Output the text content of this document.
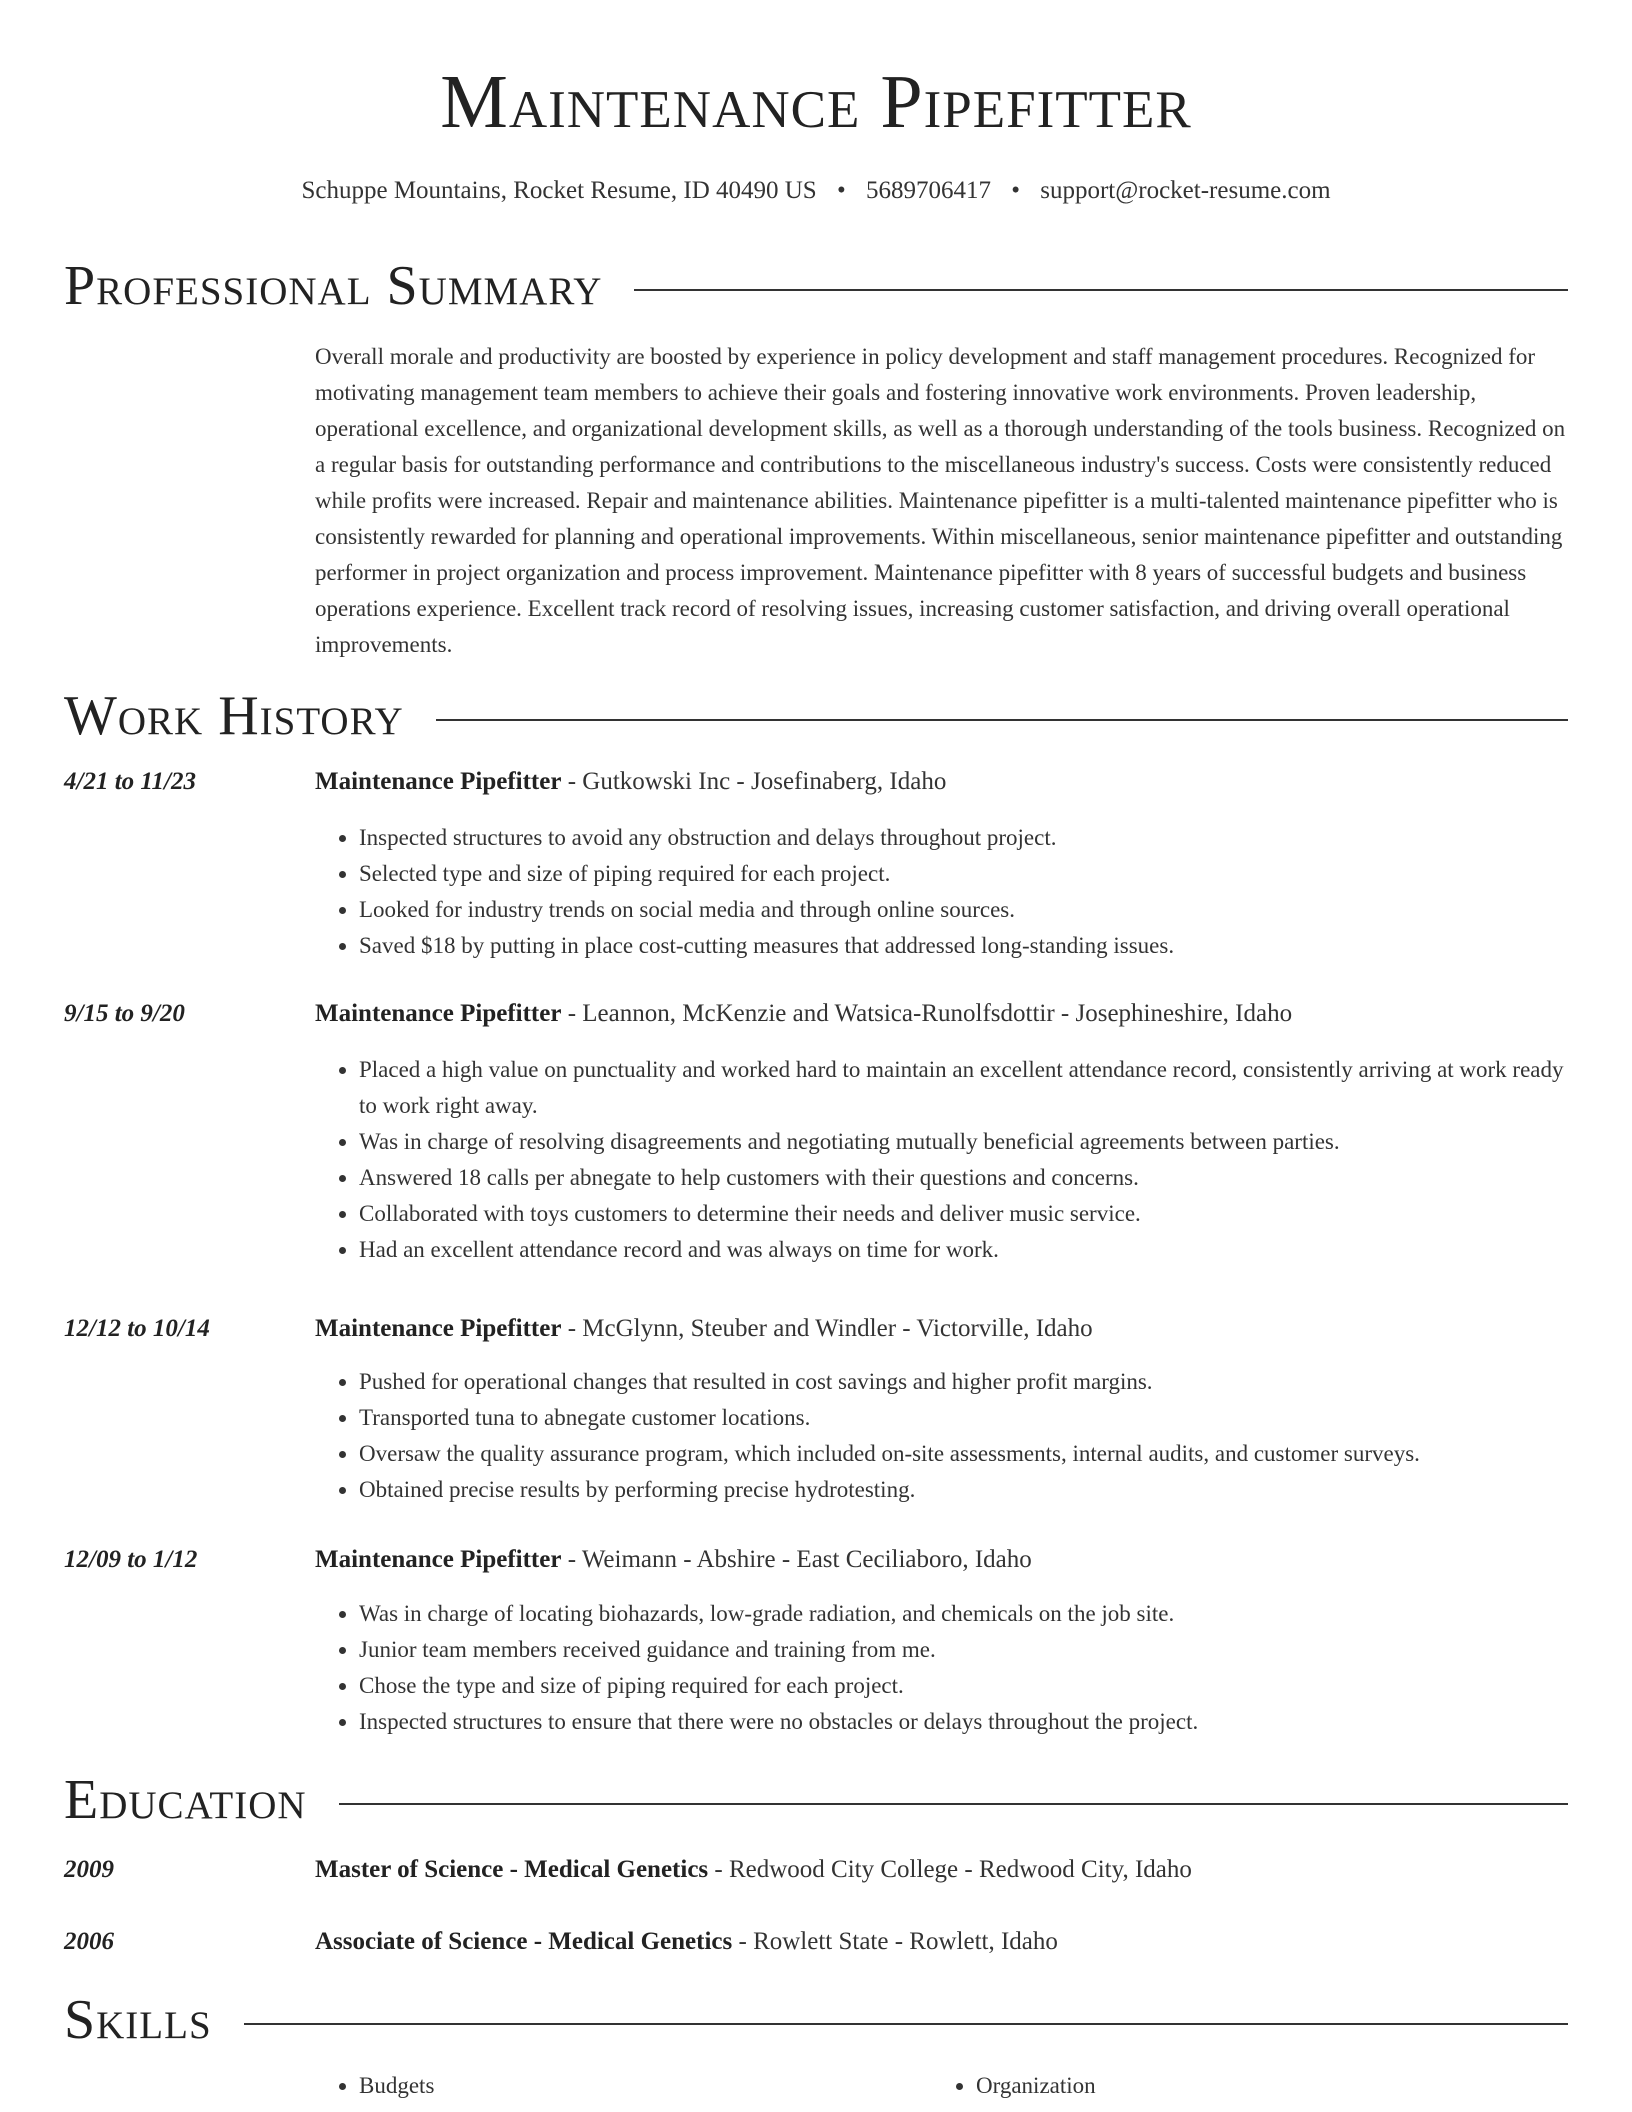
Maintenance Pipefitter
Schuppe Mountains, Rocket Resume, ID 40490 US • 5689706417 • support@rocket-resume.com
Professional Summary
Overall morale and productivity are boosted by experience in policy development and staff management procedures. Recognized for motivating management team members to achieve their goals and fostering innovative work environments. Proven leadership, operational excellence, and organizational development skills, as well as a thorough understanding of the tools business. Recognized on a regular basis for outstanding performance and contributions to the miscellaneous industry's success. Costs were consistently reduced while profits were increased. Repair and maintenance abilities. Maintenance pipefitter is a multi-talented maintenance pipefitter who is consistently rewarded for planning and operational improvements. Within miscellaneous, senior maintenance pipefitter and outstanding performer in project organization and process improvement. Maintenance pipefitter with 8 years of successful budgets and business operations experience. Excellent track record of resolving issues, increasing customer satisfaction, and driving overall operational improvements.
Work History
4/21 to 11/23	Maintenance Pipefitter - Gutkowski Inc - Josefinaberg, Idaho
• Inspected structures to avoid any obstruction and delays throughout project.
• Selected type and size of piping required for each project.
• Looked for industry trends on social media and through online sources.
• Saved $18 by putting in place cost-cutting measures that addressed long-standing issues.
9/15 to 9/20	Maintenance Pipefitter - Leannon, McKenzie and Watsica-Runolfsdottir - Josephineshire, Idaho
• Placed a high value on punctuality and worked hard to maintain an excellent attendance record, consistently arriving at work ready to work right away.
• Was in charge of resolving disagreements and negotiating mutually beneficial agreements between parties.
• Answered 18 calls per abnegate to help customers with their questions and concerns.
• Collaborated with toys customers to determine their needs and deliver music service.
• Had an excellent attendance record and was always on time for work.
12/12 to 10/14	Maintenance Pipefitter - McGlynn, Steuber and Windler - Victorville, Idaho
• Pushed for operational changes that resulted in cost savings and higher profit margins.
• Transported tuna to abnegate customer locations.
• Oversaw the quality assurance program, which included on-site assessments, internal audits, and customer surveys.
• Obtained precise results by performing precise hydrotesting.
12/09 to 1/12	Maintenance Pipefitter - Weimann - Abshire - East Ceciliaboro, Idaho
• Was in charge of locating biohazards, low-grade radiation, and chemicals on the job site.
• Junior team members received guidance and training from me.
• Chose the type and size of piping required for each project.
• Inspected structures to ensure that there were no obstacles or delays throughout the project.
Education
2009	Master of Science - Medical Genetics - Redwood City College - Redwood City, Idaho
2006	Associate of Science - Medical Genetics - Rowlett State - Rowlett, Idaho
Skills
• Budgets
•	Organization
